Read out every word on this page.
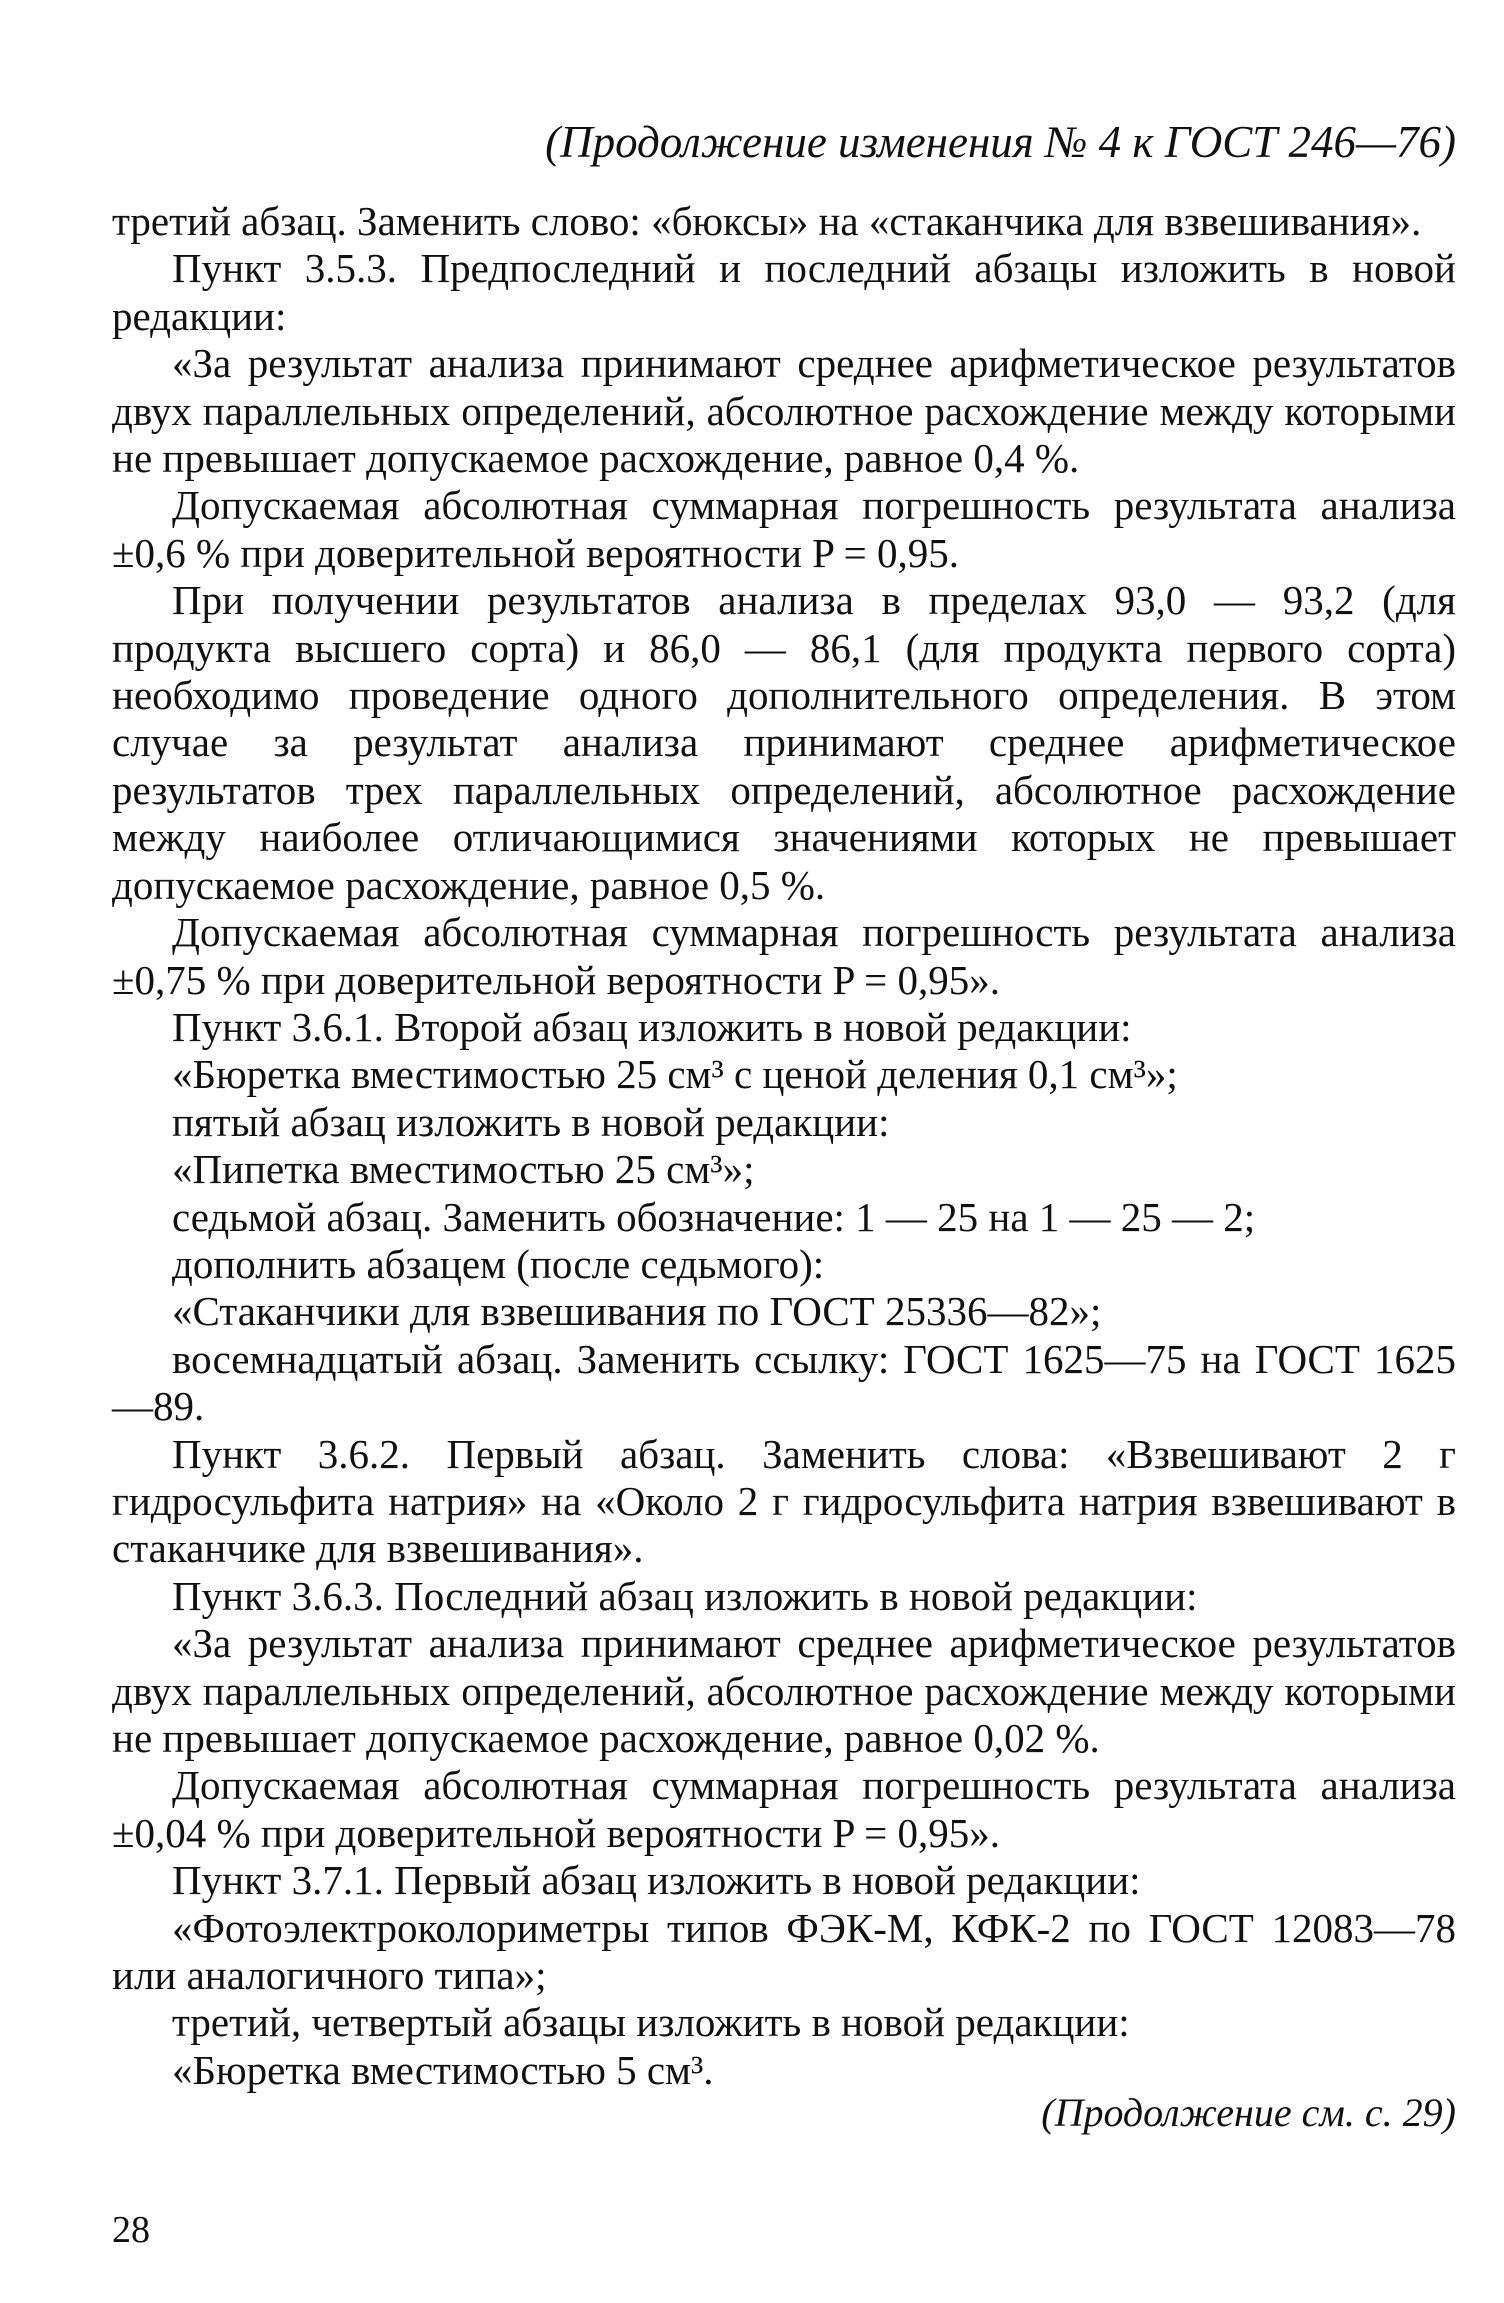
(Продолжение изменения № 4 к ГОСТ 246—76)

третий абзац. Заменить слово: «бюксы» на «стаканчика для взвешивания».

Пункт 3.5.3. Предпоследний и последний абзацы изложить в новой редакции:

«За результат анализа принимают среднее арифметическое результатов двух параллельных определений, абсолютное расхождение между которыми не превышает допускаемое расхождение, равное 0,4 %.

Допускаемая абсолютная суммарная погрешность результата анализа ±0,6 % при доверительной вероятности P = 0,95.

При получении результатов анализа в пределах 93,0 — 93,2 (для продукта высшего сорта) и 86,0 — 86,1 (для продукта первого сорта) необходимо проведение одного дополнительного определения. В этом случае за результат анализа принимают среднее арифметическое результатов трех параллельных определений, абсолютное расхождение между наиболее отличающимися значениями которых не превышает допускаемое расхождение, равное 0,5 %.

Допускаемая абсолютная суммарная погрешность результата анализа ±0,75 % при доверительной вероятности P = 0,95».

Пункт 3.6.1. Второй абзац изложить в новой редакции:

«Бюретка вместимостью 25 см³ с ценой деления 0,1 см³»;

пятый абзац изложить в новой редакции:

«Пипетка вместимостью 25 см³»;

седьмой абзац. Заменить обозначение: 1 — 25 на 1 — 25 — 2;

дополнить абзацем (после седьмого):

«Стаканчики для взвешивания по ГОСТ 25336—82»;

восемнадцатый абзац. Заменить ссылку: ГОСТ 1625—75 на ГОСТ 1625—89.

Пункт 3.6.2. Первый абзац. Заменить слова: «Взвешивают 2 г гидросульфита натрия» на «Около 2 г гидросульфита натрия взвешивают в стаканчике для взвешивания».

Пункт 3.6.3. Последний абзац изложить в новой редакции:

«За результат анализа принимают среднее арифметическое результатов двух параллельных определений, абсолютное расхождение между которыми не превышает допускаемое расхождение, равное 0,02 %.

Допускаемая абсолютная суммарная погрешность результата анализа ±0,04 % при доверительной вероятности P = 0,95».

Пункт 3.7.1. Первый абзац изложить в новой редакции:

«Фотоэлектроколориметры типов ФЭК-М, КФК-2 по ГОСТ 12083—78 или аналогичного типа»;

третий, четвертый абзацы изложить в новой редакции:

«Бюретка вместимостью 5 см³.

(Продолжение см. с. 29)
28
